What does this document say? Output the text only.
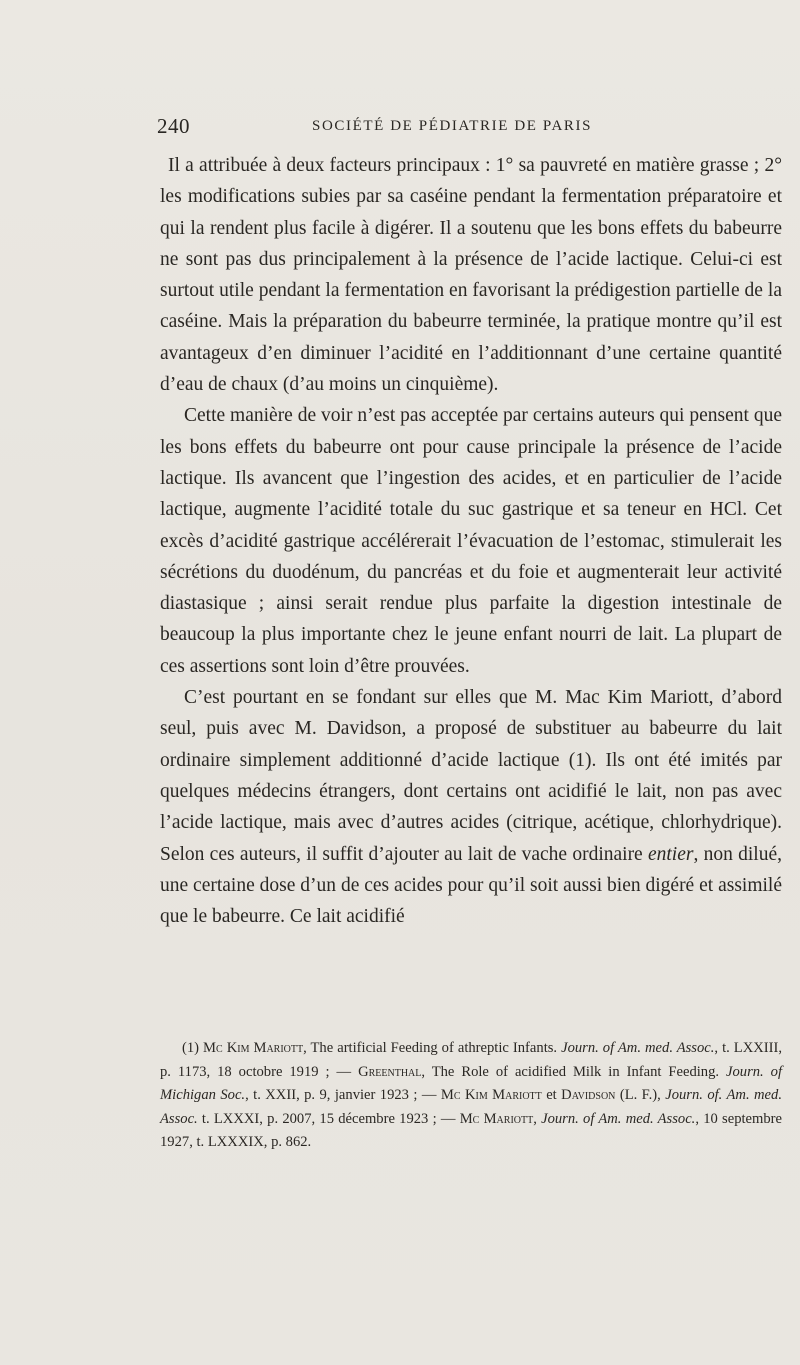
240	SOCIÉTÉ DE PÉDIATRIE DE PARIS

Il a attribuée à deux facteurs principaux : 1° sa pauvreté en matière grasse ; 2° les modifications subies par sa caséine pendant la fermentation préparatoire et qui la rendent plus facile à digérer. Il a soutenu que les bons effets du babeurre ne sont pas dus principalement à la présence de l’acide lactique. Celui-ci est surtout utile pendant la fermentation en favorisant la prédigestion partielle de la caséine. Mais la préparation du babeurre terminée, la pratique montre qu’il est avantageux d’en diminuer l’acidité en l’additionnant d’une certaine quantité d’eau de chaux (d’au moins un cinquième).

Cette manière de voir n’est pas acceptée par certains auteurs qui pensent que les bons effets du babeurre ont pour cause principale la présence de l’acide lactique. Ils avancent que l’ingestion des acides, et en particulier de l’acide lactique, augmente l’acidité totale du suc gastrique et sa teneur en HCl. Cet excès d’acidité gastrique accélérerait l’évacuation de l’estomac, stimulerait les sécrétions du duodénum, du pancréas et du foie et augmenterait leur activité diastasique ; ainsi serait rendue plus parfaite la digestion intestinale de beaucoup la plus importante chez le jeune enfant nourri de lait. La plupart de ces assertions sont loin d’être prouvées.

C’est pourtant en se fondant sur elles que M. Mac Kim Mariott, d’abord seul, puis avec M. Davidson, a proposé de substituer au babeurre du lait ordinaire simplement additionné d’acide lactique (1). Ils ont été imités par quelques médecins étrangers, dont certains ont acidifié le lait, non pas avec l’acide lactique, mais avec d’autres acides (citrique, acétique, chlorhydrique). Selon ces auteurs, il suffit d’ajouter au lait de vache ordinaire entier, non dilué, une certaine dose d’un de ces acides pour qu’il soit aussi bien digéré et assimilé que le babeurre. Ce lait acidifié

(1) Mc Kim Mariott, The artificial Feeding of athreptic Infants. Journ. of Am. med. Assoc., t. LXXIII, p. 1173, 18 octobre 1919 ; — Greenthal, The Role of acidified Milk in Infant Feeding. Journ. of Michigan Soc., t. XXII, p. 9, janvier 1923 ; — Mc Kim Mariott et Davidson (L. F.), Journ. of. Am. med. Assoc. t. LXXXI, p. 2007, 15 décembre 1923 ; — Mc Mariott, Journ. of Am. med. Assoc., 10 septembre 1927, t. LXXXIX, p. 862.
